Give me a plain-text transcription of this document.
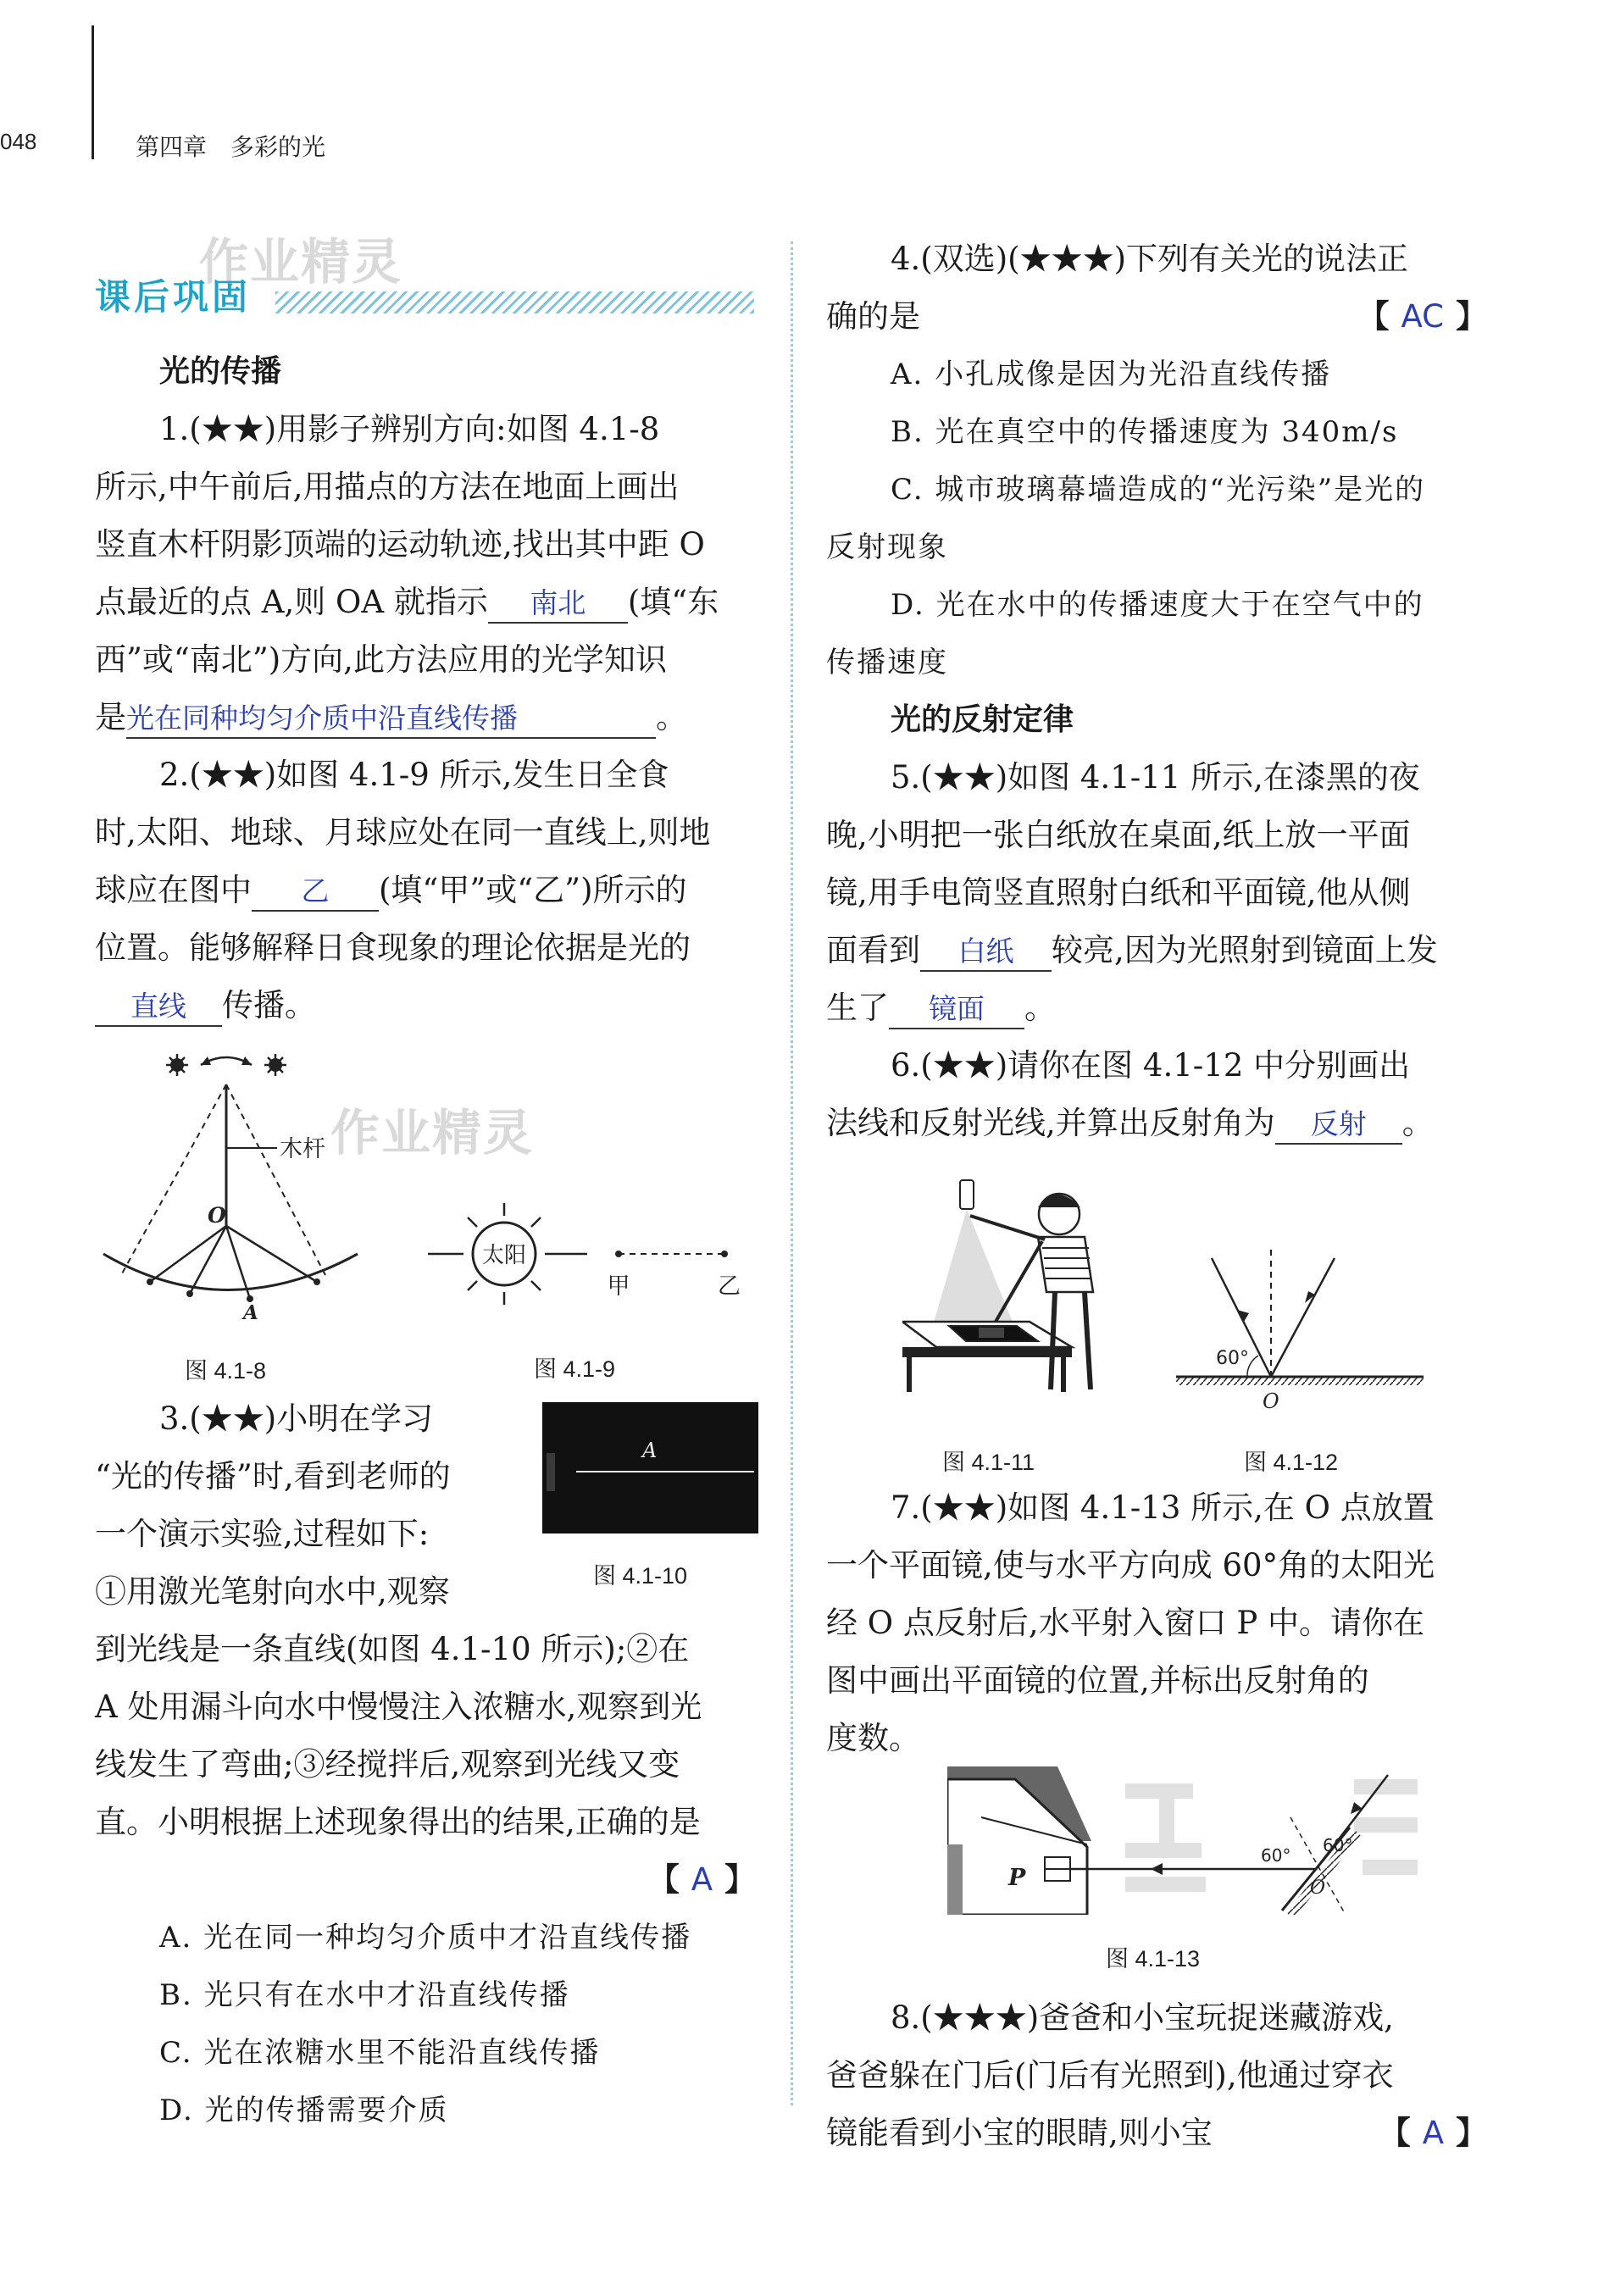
048	第四章　多彩的光
作业精灵
课后巩固

光的传播

1.(★★)用影子辨别方向:如图 4.1-8

所示,中午前后,用描点的方法在地面上画出

竖直木杆阴影顶端的运动轨迹,找出其中距 O

点最近的点 A,则 OA 就指示 南北 (填“东

西”或“南北”)方向,此方法应用的光学知识

是光在同种均匀介质中沿直线传播	。

2.(★★)如图 4.1-9 所示,发生日全食

时,太阳、地球、月球应处在同一直线上,则地

球应在图中 乙 (填“甲”或“乙”)所示的

位置。能够解释日食现象的理论依据是光的

直线 传播。

木杆
O
A
作业精灵
图 4.1-8
太阳
甲	乙
图 4.1-9

3.(★★)小明在学习

“光的传播”时,看到老师的

一个演示实验,过程如下:

①用激光笔射向水中,观察

A
图 4.1-10

到光线是一条直线(如图 4.1-10 所示);②在

A 处用漏斗向水中慢慢注入浓糖水,观察到光

线发生了弯曲;③经搅拌后,观察到光线又变

直。小明根据上述现象得出的结果,正确的是

【 A 】

A. 光在同一种均匀介质中才沿直线传播

B. 光只有在水中才沿直线传播

C. 光在浓糖水里不能沿直线传播

D. 光的传播需要介质

4.(双选)(★★★)下列有关光的说法正

确的是	【 AC 】

A. 小孔成像是因为光沿直线传播

B. 光在真空中的传播速度为 340m/s

C. 城市玻璃幕墙造成的“光污染”是光的

反射现象

D. 光在水中的传播速度大于在空气中的

传播速度

光的反射定律

5.(★★)如图 4.1-11 所示,在漆黑的夜

晚,小明把一张白纸放在桌面,纸上放一平面

镜,用手电筒竖直照射白纸和平面镜,他从侧

面看到 白纸 较亮,因为光照射到镜面上发

生了 镜面 。

6.(★★)请你在图 4.1-12 中分别画出

法线和反射光线,并算出反射角为 反射 。

图 4.1-11
60°
O
图 4.1-12

7.(★★)如图 4.1-13 所示,在 O 点放置

一个平面镜,使与水平方向成 60°角的太阳光

经 O 点反射后,水平射入窗口 P 中。请你在

图中画出平面镜的位置,并标出反射角的

度数。

P
60° 60°
O
图 4.1-13

8.(★★★)爸爸和小宝玩捉迷藏游戏,

爸爸躲在门后(门后有光照到),他通过穿衣

镜能看到小宝的眼睛,则小宝	【 A 】
